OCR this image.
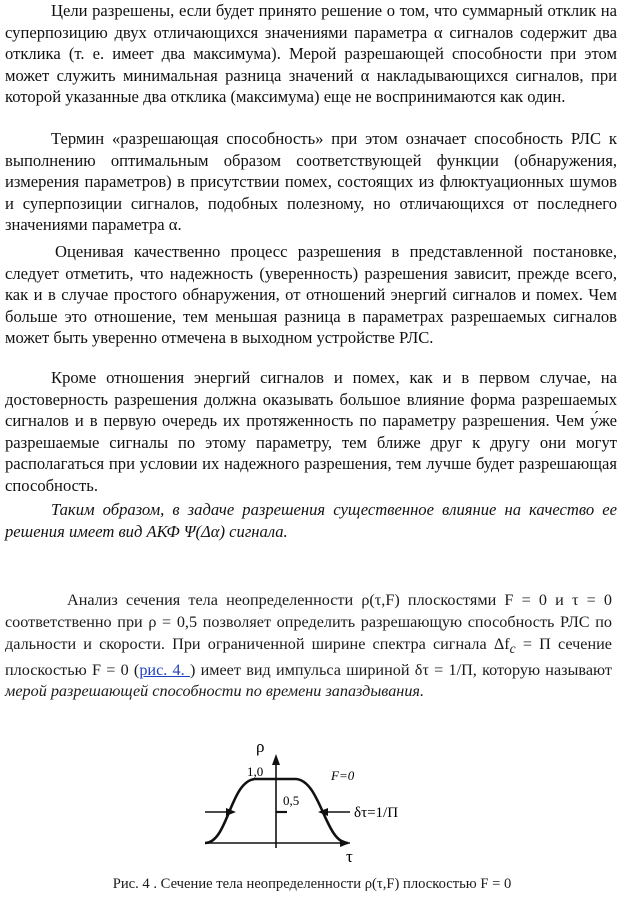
Цели разрешены, если будет принято решение о том, что суммарный отклик на суперпозицию двух отличающихся значениями параметра α сигналов содержит два отклика (т. е. имеет два максимума). Мерой разрешающей способности при этом может служить минимальная разница значений α накладывающихся сигналов, при которой указанные два отклика (максимума) еще не воспринимаются как один.

Термин «разрешающая способность» при этом означает способность РЛС к выполнению оптимальным образом соответствующей функции (обнаружения, измерения параметров) в присутствии помех, состоящих из флюктуационных шумов и суперпозиции сигналов, подобных полезному, но отличающихся от последнего значениями параметра α.

Оценивая качественно процесс разрешения в представленной постановке, следует отметить, что надежность (уверенность) разрешения зависит, прежде всего, как и в случае простого обнаружения, от отношений энергий сигналов и помех. Чем больше это отношение, тем меньшая разница в параметрах разрешаемых сигналов может быть уверенно отмечена в выходном устройстве РЛС.

Кроме отношения энергий сигналов и помех, как и в первом случае, на достоверность разрешения должна оказывать большое влияние форма разрешаемых сигналов и в первую очередь их протяженность по параметру разрешения. Чем у́же разрешаемые сигналы по этому параметру, тем ближе друг к другу они могут располагаться при условии их надежного разрешения, тем лучше будет разрешающая способность.

Таким образом, в задаче разрешения существенное влияние на качество ее решения имеет вид АКФ Ψ(Δα) сигнала.

Анализ сечения тела неопределенности ρ(τ,F) плоскостями F = 0 и τ = 0 соответственно при ρ = 0,5 позволяет определить разрешающую способность РЛС по дальности и скорости. При ограниченной ширине спектра сигнала $\Delta f_с = П$ сечение плоскостью F = 0 (рис. 4. ) имеет вид импульса шириной δτ = 1/П, которую называют мерой разрешающей способности по времени запаздывания.

ρ
τ
1,0
0,5
F=0
δτ=1/П
Рис. 4 . Сечение тела неопределенности ρ(τ,F) плоскостью F = 0
